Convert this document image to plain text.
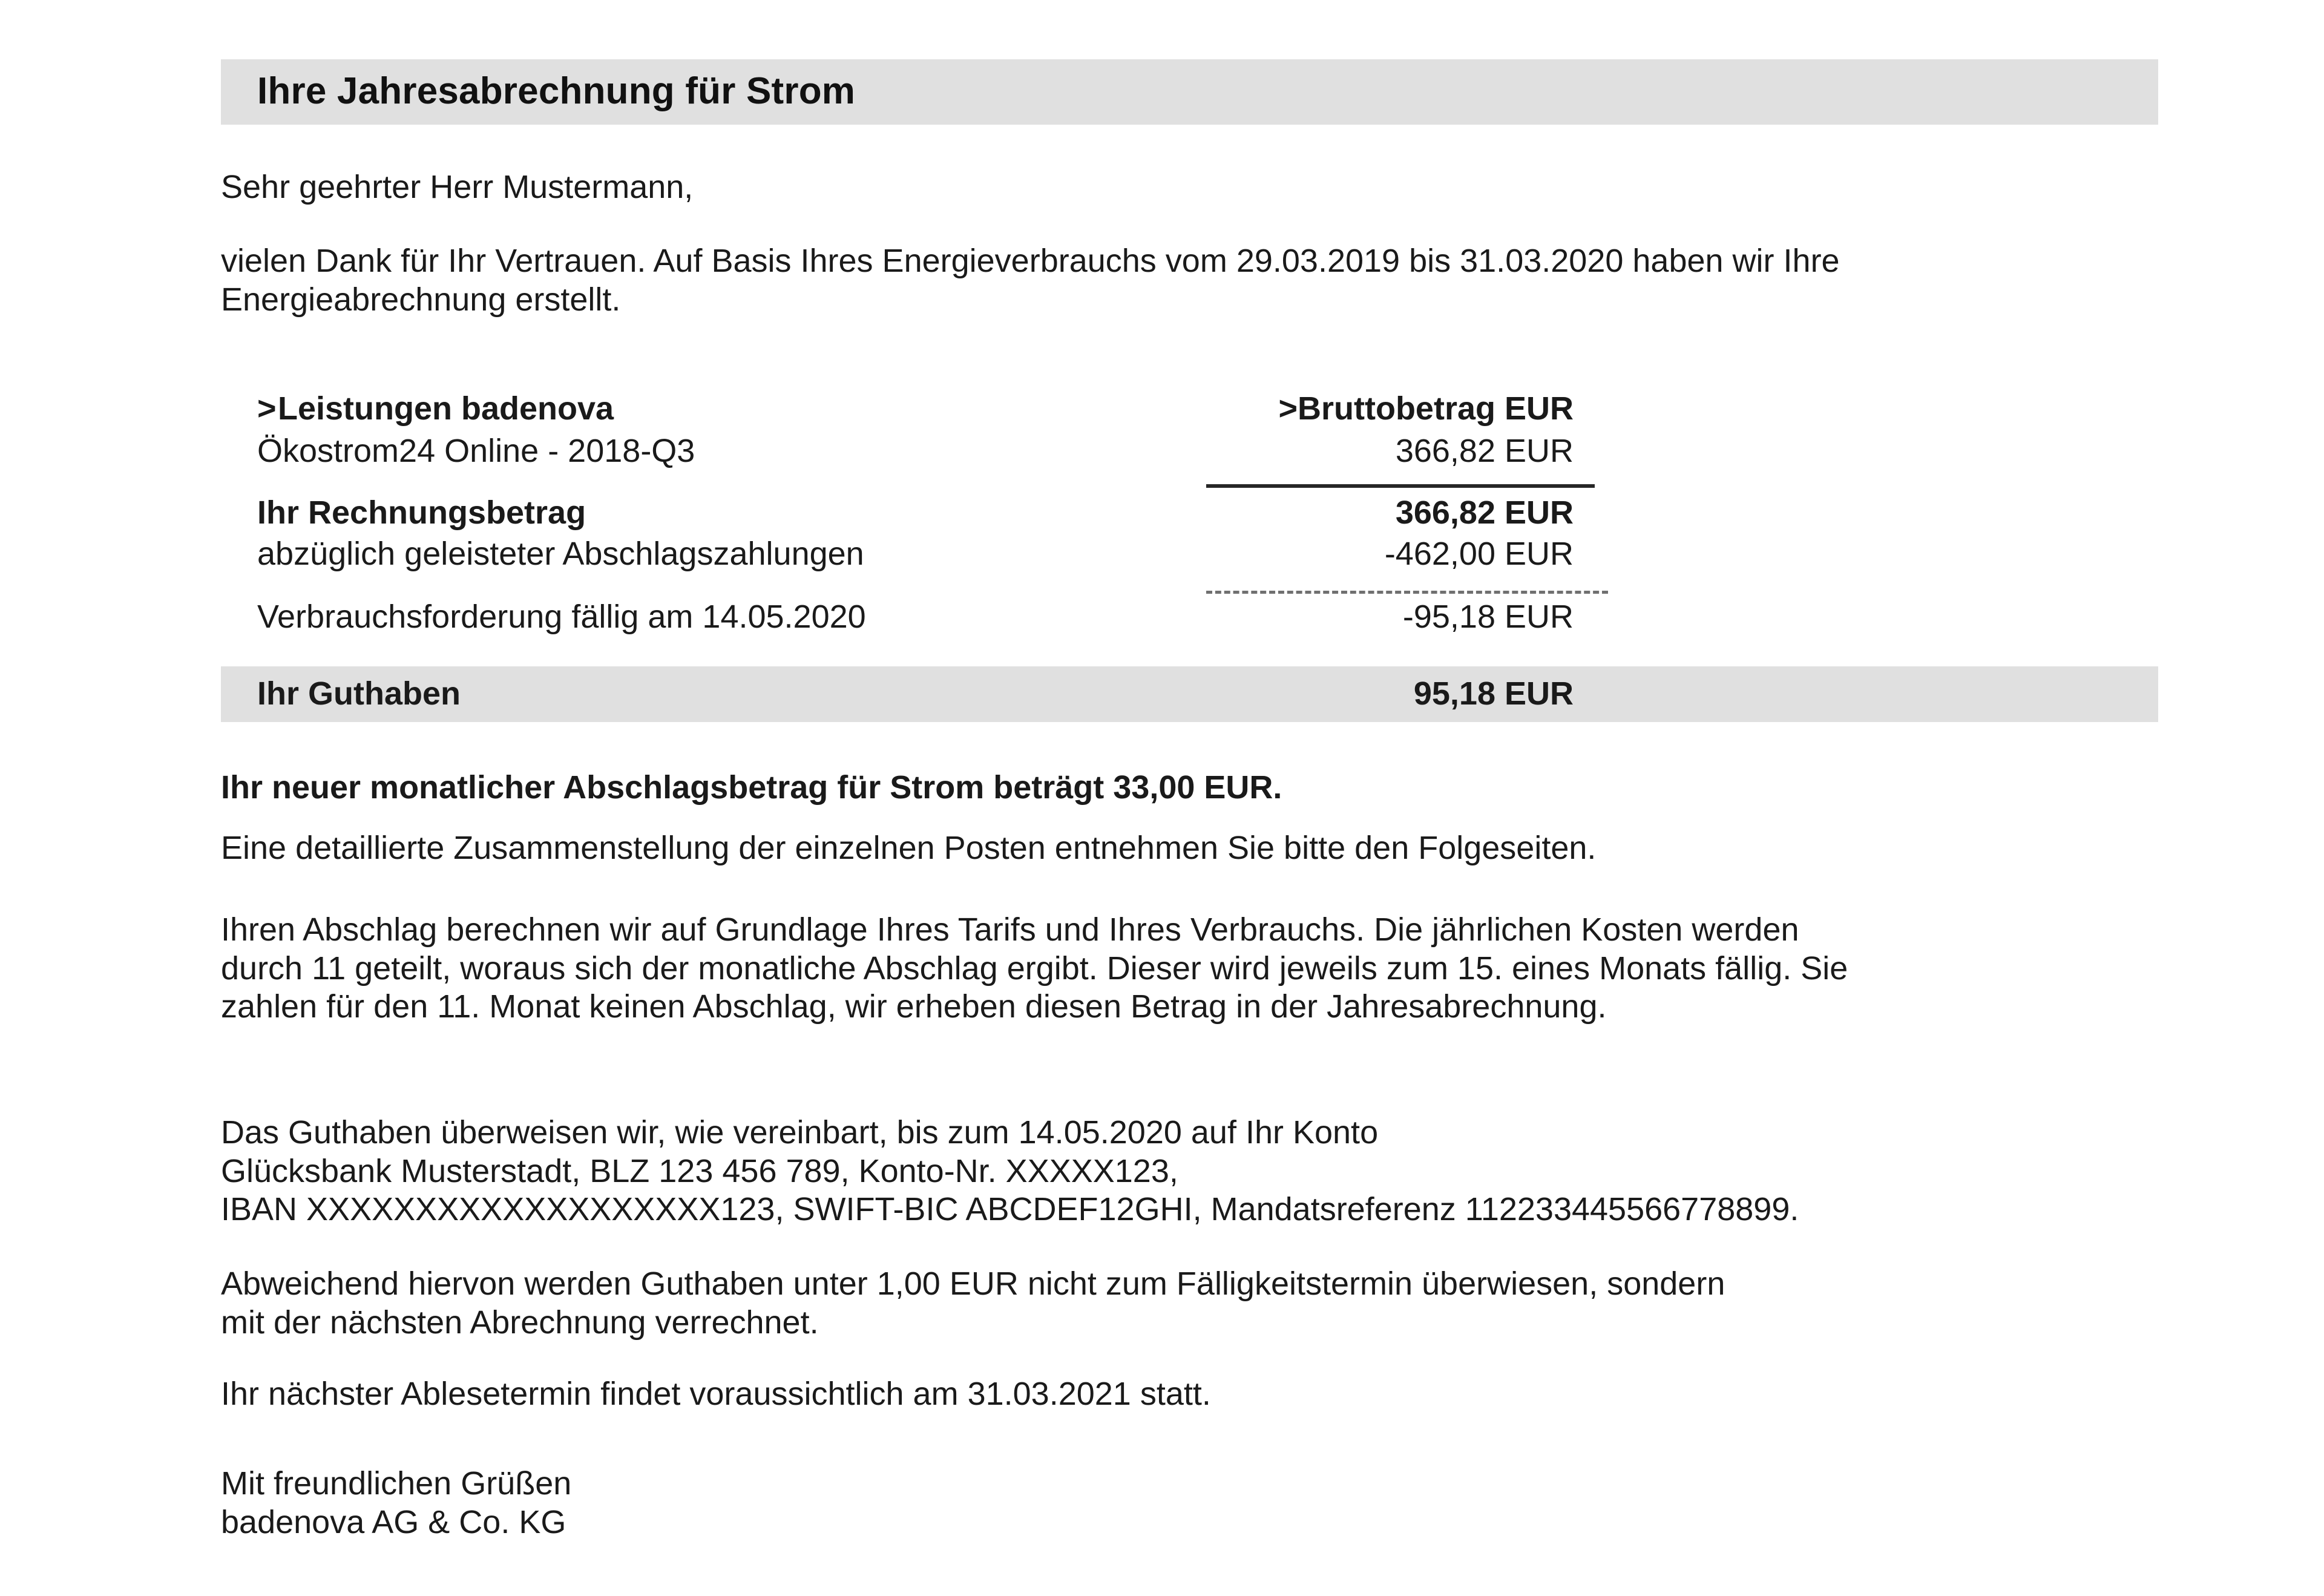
Ihre Jahresabrechnung für Strom
Sehr geehrter Herr Mustermann,
vielen Dank für Ihr Vertrauen. Auf Basis Ihres Energieverbrauchs vom 29.03.2019 bis 31.03.2020 haben wir Ihre
Energieabrechnung erstellt.
>Leistungen badenova	>Bruttobetrag EUR
Ökostrom24 Online - 2018-Q3	366,82 EUR
Ihr Rechnungsbetrag	366,82 EUR
abzüglich geleisteter Abschlagszahlungen	-462,00 EUR
Verbrauchsforderung fällig am 14.05.2020	-95,18 EUR
Ihr Guthaben	95,18 EUR
Ihr neuer monatlicher Abschlagsbetrag für Strom beträgt 33,00 EUR.
Eine detaillierte Zusammenstellung der einzelnen Posten entnehmen Sie bitte den Folgeseiten.
Ihren Abschlag berechnen wir auf Grundlage Ihres Tarifs und Ihres Verbrauchs. Die jährlichen Kosten werden
durch 11 geteilt, woraus sich der monatliche Abschlag ergibt. Dieser wird jeweils zum 15. eines Monats fällig. Sie
zahlen für den 11. Monat keinen Abschlag, wir erheben diesen Betrag in der Jahresabrechnung.
Das Guthaben überweisen wir, wie vereinbart, bis zum 14.05.2020 auf Ihr Konto
Glücksbank Musterstadt, BLZ 123 456 789, Konto-Nr. XXXXX123,
IBAN XXXXXXXXXXXXXXXXXXX123, SWIFT-BIC ABCDEF12GHI, Mandatsreferenz 112233445566778899.
Abweichend hiervon werden Guthaben unter 1,00 EUR nicht zum Fälligkeitstermin überwiesen, sondern
mit der nächsten Abrechnung verrechnet.
Ihr nächster Ablesetermin findet voraussichtlich am 31.03.2021 statt.
Mit freundlichen Grüßen
badenova AG & Co. KG
